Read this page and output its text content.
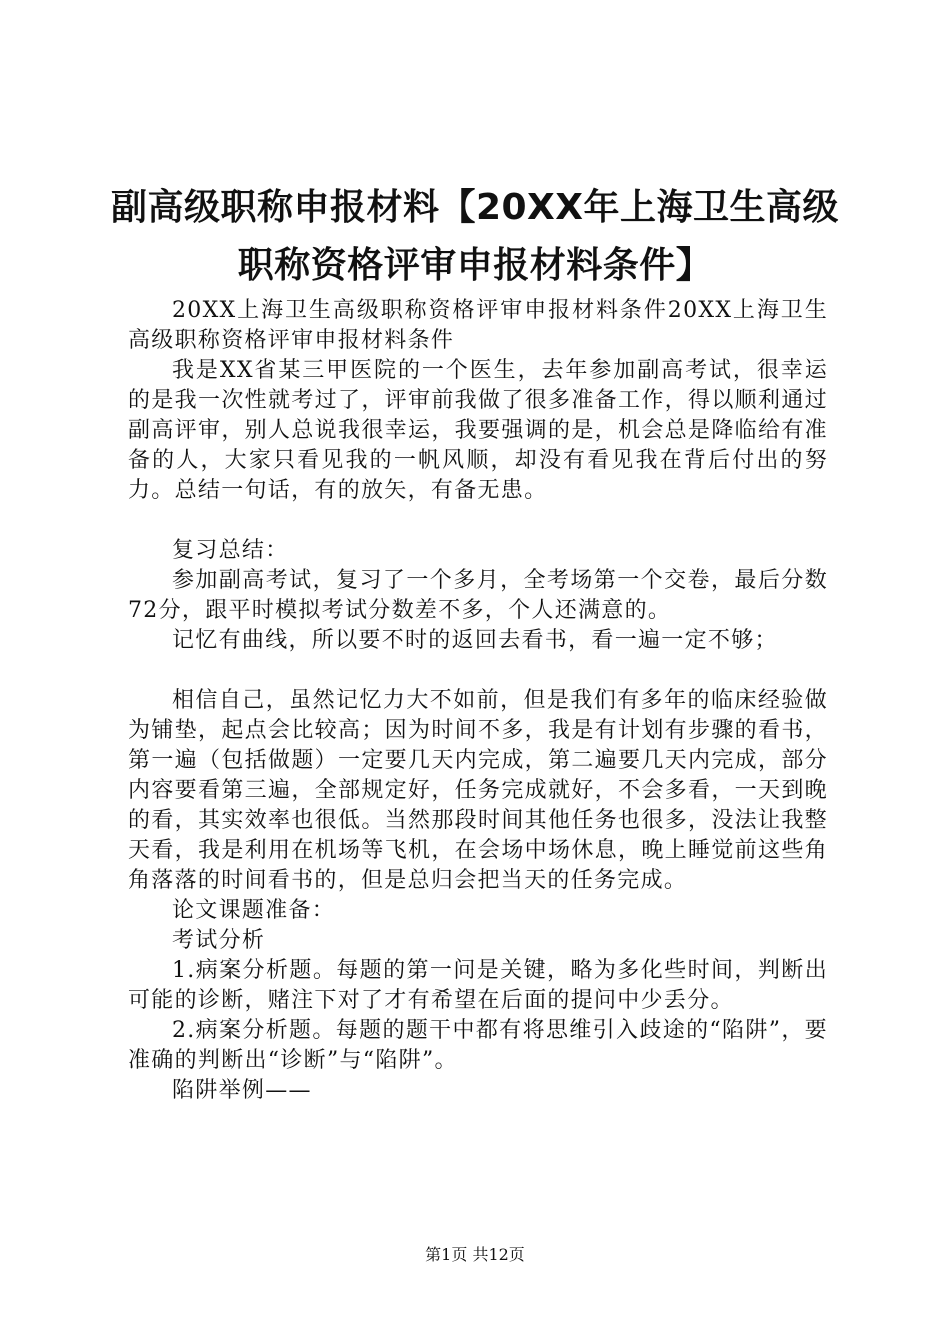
副高级职称申报材料【20XX年上海卫生高级
职称资格评审申报材料条件】

20XX上海卫生高级职称资格评审申报材料条件20XX上海卫生高级职称资格评审申报材料条件

我是XX省某三甲医院的一个医生，去年参加副高考试，很幸运的是我一次性就考过了，评审前我做了很多准备工作，得以顺利通过副高评审，别人总说我很幸运，我要强调的是，机会总是降临给有准备的人，大家只看见我的一帆风顺，却没有看见我在背后付出的努力。总结一句话，有的放矢，有备无患。

复习总结：

参加副高考试，复习了一个多月，全考场第一个交卷，最后分数72分，跟平时模拟考试分数差不多，个人还满意的。

记忆有曲线，所以要不时的返回去看书，看一遍一定不够；

相信自己，虽然记忆力大不如前，但是我们有多年的临床经验做为铺垫，起点会比较高；因为时间不多，我是有计划有步骤的看书，第一遍（包括做题）一定要几天内完成，第二遍要几天内完成，部分内容要看第三遍，全部规定好，任务完成就好，不会多看，一天到晚的看，其实效率也很低。当然那段时间其他任务也很多，没法让我整天看，我是利用在机场等飞机，在会场中场休息，晚上睡觉前这些角角落落的时间看书的，但是总归会把当天的任务完成。

论文课题准备：

考试分析

1.病案分析题。每题的第一问是关键，略为多化些时间，判断出可能的诊断，赌注下对了才有希望在后面的提问中少丢分。

2.病案分析题。每题的题干中都有将思维引入歧途的“陷阱”，要准确的判断出“诊断”与“陷阱”。

陷阱举例——

第1页 共12页
